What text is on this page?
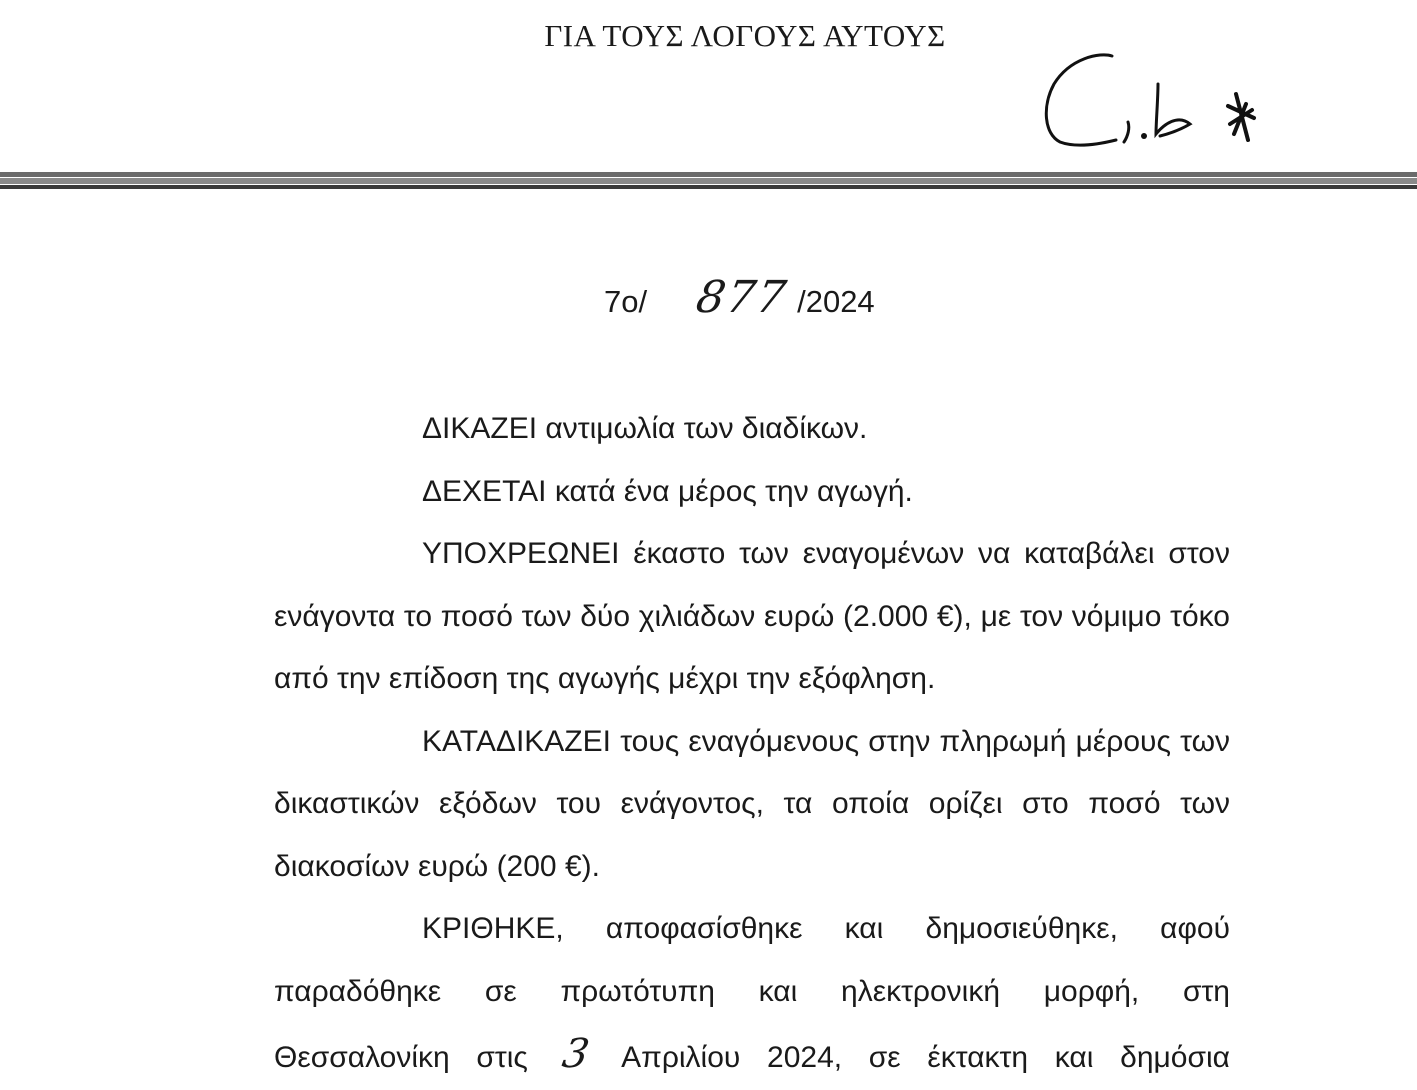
ΓΙΑ ΤΟΥΣ ΛΟΓΟΥΣ ΑΥΤΟΥΣ
7ο/ 877 /2024

ΔΙΚΑΖΕΙ αντιμωλία των διαδίκων.

ΔΕΧΕΤΑΙ κατά ένα μέρος την αγωγή.

ΥΠΟΧΡΕΩΝΕΙ έκαστο των εναγομένων να καταβάλει στον ενάγοντα το ποσό των δύο χιλιάδων ευρώ (2.000 €), με τον νόμιμο τόκο από την επίδοση της αγωγής μέχρι την εξόφληση.

ΚΑΤΑΔΙΚΑΖΕΙ τους εναγόμενους στην πληρωμή μέρους των δικαστικών εξόδων του ενάγοντος, τα οποία ορίζει στο ποσό των διακοσίων ευρώ (200 €).

ΚΡΙΘΗΚΕ, αποφασίσθηκε και δημοσιεύθηκε, αφού παραδόθηκε σε πρωτότυπη και ηλεκτρονική μορφή, στη

Θεσσαλονίκη στις 3 Απριλίου 2024, σε έκτακτη και δημόσια
